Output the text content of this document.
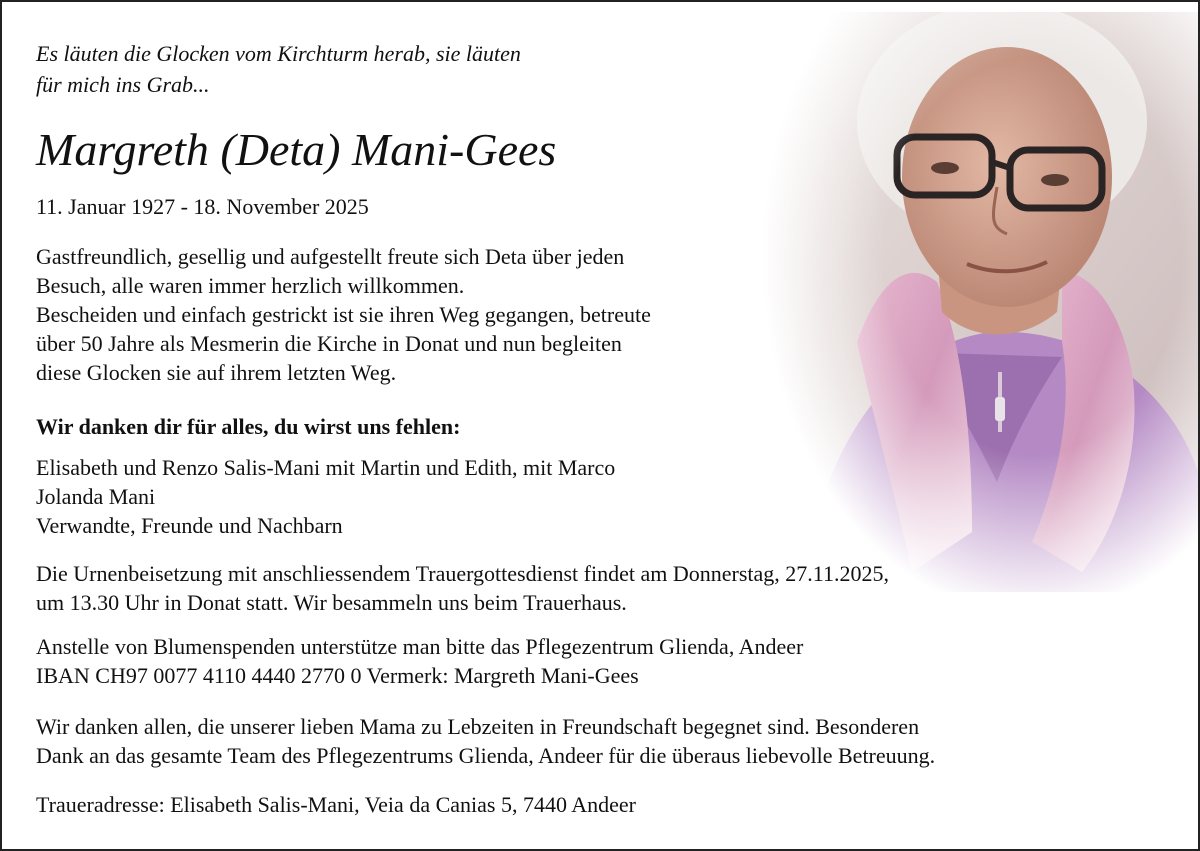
Es läuten die Glocken vom Kirchturm herab, sie läuten
für mich ins Grab...
Margreth (Deta) Mani-Gees
11. Januar 1927 - 18. November 2025
Gastfreundlich, gesellig und aufgestellt freute sich Deta über jeden
Besuch, alle waren immer herzlich willkommen.
Bescheiden und einfach gestrickt ist sie ihren Weg gegangen, betreute
über 50 Jahre als Mesmerin die Kirche in Donat und nun begleiten
diese Glocken sie auf ihrem letzten Weg.
Wir danken dir für alles, du wirst uns fehlen:
Elisabeth und Renzo Salis-Mani mit Martin und Edith, mit Marco
Jolanda Mani
Verwandte, Freunde und Nachbarn
Die Urnenbeisetzung mit anschliessendem Trauergottesdienst findet am Donnerstag, 27.11.2025,
um 13.30 Uhr in Donat statt. Wir besammeln uns beim Trauerhaus.
Anstelle von Blumenspenden unterstütze man bitte das Pflegezentrum Glienda, Andeer
IBAN CH97 0077 4110 4440 2770 0 Vermerk: Margreth Mani-Gees
Wir danken allen, die unserer lieben Mama zu Lebzeiten in Freundschaft begegnet sind. Besonderen
Dank an das gesamte Team des Pflegezentrums Glienda, Andeer für die überaus liebevolle Betreuung.
Traueradresse: Elisabeth Salis-Mani, Veia da Canias 5, 7440 Andeer
